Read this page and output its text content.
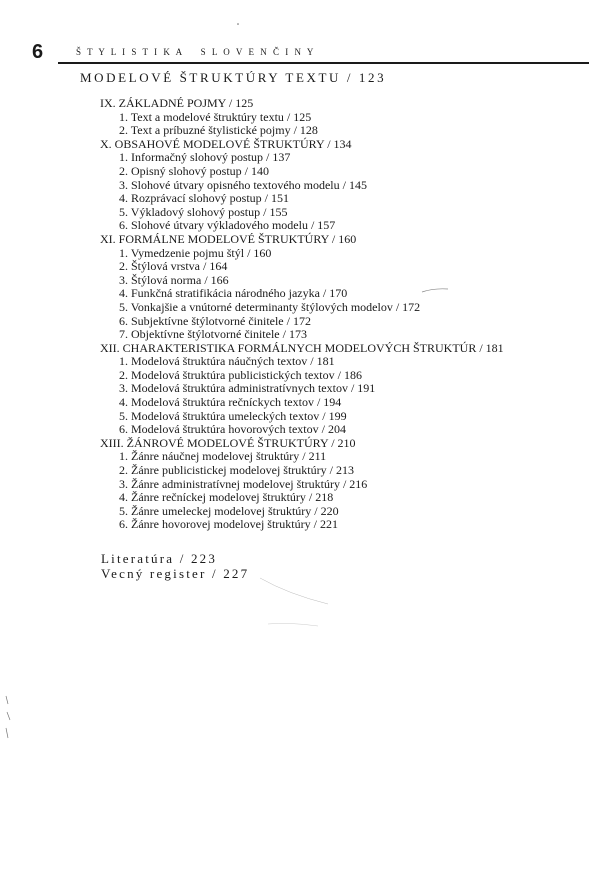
6	Š T Y L I S T I K A    S L O V E N Č I N Y
MODELOVÉ ŠTRUKTÚRY TEXTU / 123
IX. ZÁKLADNÉ POJMY / 125
1. Text a modelové štruktúry textu / 125
2. Text a príbuzné štylistické pojmy / 128
X. OBSAHOVÉ MODELOVÉ ŠTRUKTÚRY / 134
1. Informačný slohový postup / 137
2. Opisný slohový postup / 140
3. Slohové útvary opisného textového modelu / 145
4. Rozprávací slohový postup / 151
5. Výkladový slohový postup / 155
6. Slohové útvary výkladového modelu / 157
XI. FORMÁLNE MODELOVÉ ŠTRUKTÚRY / 160
1. Vymedzenie pojmu štýl / 160
2. Štýlová vrstva / 164
3. Štýlová norma / 166
4. Funkčná stratifikácia národného jazyka / 170
5. Vonkajšie a vnútorné determinanty štýlových modelov / 172
6. Subjektívne štýlotvorné činitele / 172
7. Objektívne štýlotvorné činitele / 173
XII. CHARAKTERISTIKA FORMÁLNYCH MODELOVÝCH ŠTRUKTÚR / 181
1. Modelová štruktúra náučných textov / 181
2. Modelová štruktúra publicistických textov / 186
3. Modelová štruktúra administratívnych textov / 191
4. Modelová štruktúra rečníckych textov / 194
5. Modelová štruktúra umeleckých textov / 199
6. Modelová štruktúra hovorových textov / 204
XIII. ŽÁNROVÉ MODELOVÉ ŠTRUKTÚRY / 210
1. Žánre náučnej modelovej štruktúry / 211
2. Žánre publicistickej modelovej štruktúry / 213
3. Žánre administratívnej modelovej štruktúry / 216
4. Žánre rečníckej modelovej štruktúry / 218
5. Žánre umeleckej modelovej štruktúry / 220
6. Žánre hovorovej modelovej štruktúry / 221
Literatúra / 223
Vecný register / 227
